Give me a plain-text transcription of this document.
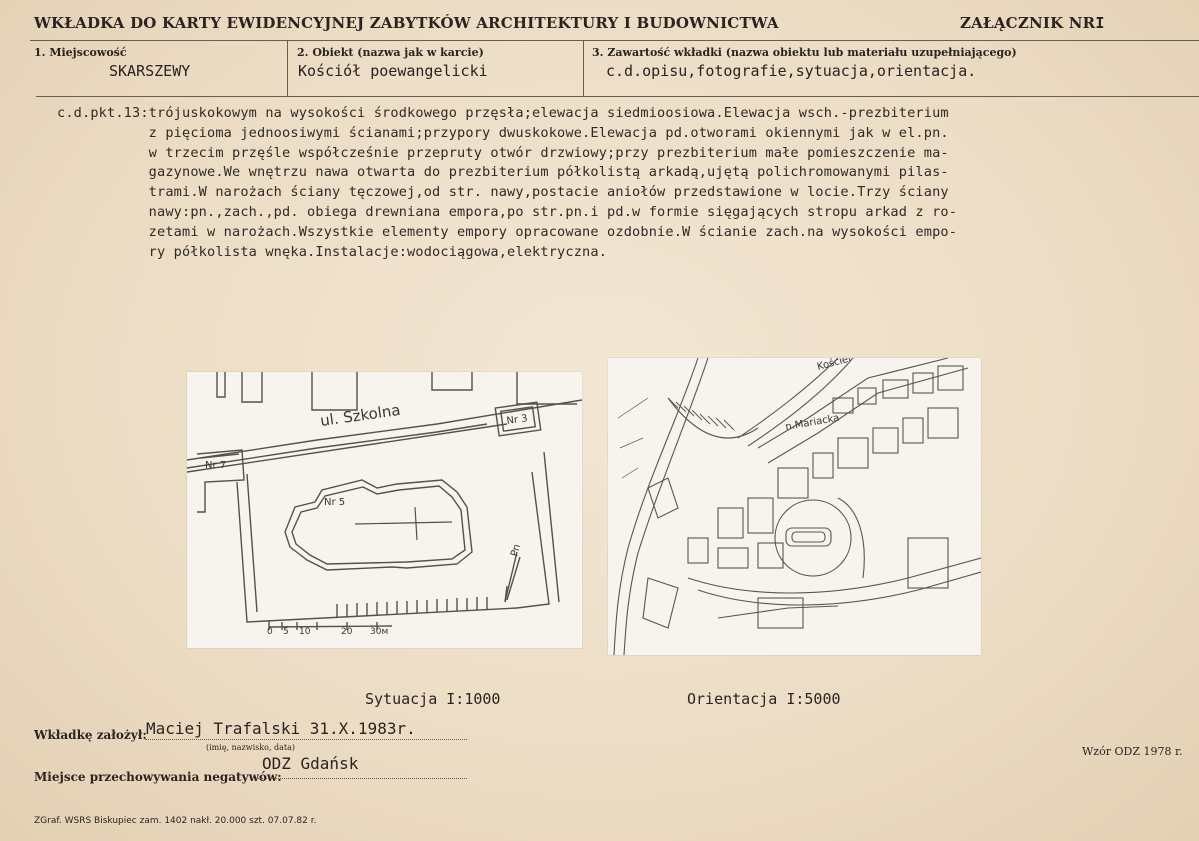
WKŁADKA DO KARTY EWIDENCYJNEJ ZABYTKÓW ARCHITEKTURY I BUDOWNICTWA	ZAŁĄCZNIK NRI
1. Miejscowość
SKARSZEWY
2. Obiekt (nazwa jak w karcie)
Kościół poewangelicki
3. Zawartość wkładki (nazwa obiektu lub materiału uzupełniającego)
c.d.opisu,fotografie,sytuacja,orientacja.
c.d.pkt.13:trójuskokowym na wysokości środkowego przęsła;elewacja siedmioosiowa.Elewacja wsch.-prezbiterium
z pięcioma jednoosiwymi ścianami;przypory dwuskokowe.Elewacja pd.otworami okiennymi jak w el.pn.
w trzecim przęśle współcześnie przepruty otwór drzwiowy;przy prezbiterium małe pomieszczenie ma-
gazynowe.We wnętrzu nawa otwarta do prezbiterium półkolistą arkadą,ujętą polichromowanymi pilas-
trami.W narożach ściany tęczowej,od str. nawy,postacie aniołów przedstawione w locie.Trzy ściany
nawy:pn.,zach.,pd. obiega drewniana empora,po str.pn.i pd.w formie sięgających stropu arkad z ro-
zetami w narożach.Wszystkie elementy empory opracowane ozdobnie.W ścianie zach.na wysokości empo-
ry półkolista wnęka.Instalacje:wodociągowa,elektryczna.
ul. Szkolna	Nr 3
Nr 7
Nr 5
Pn
0 5 10	20 30м
Kościel
n.Mariacka
Sytuacja I:1000	Orientacja I:5000
Wkładkę założył: Maciej Trafalski 31.X.1983r.
(imię, nazwisko, data)
Miejsce przechowywania negatywów:
ODZ Gdańsk
Wzór ODZ 1978 r.
ZGraf. WSRS Biskupiec zam. 1402 nakł. 20.000 szt. 07.07.82 r.
